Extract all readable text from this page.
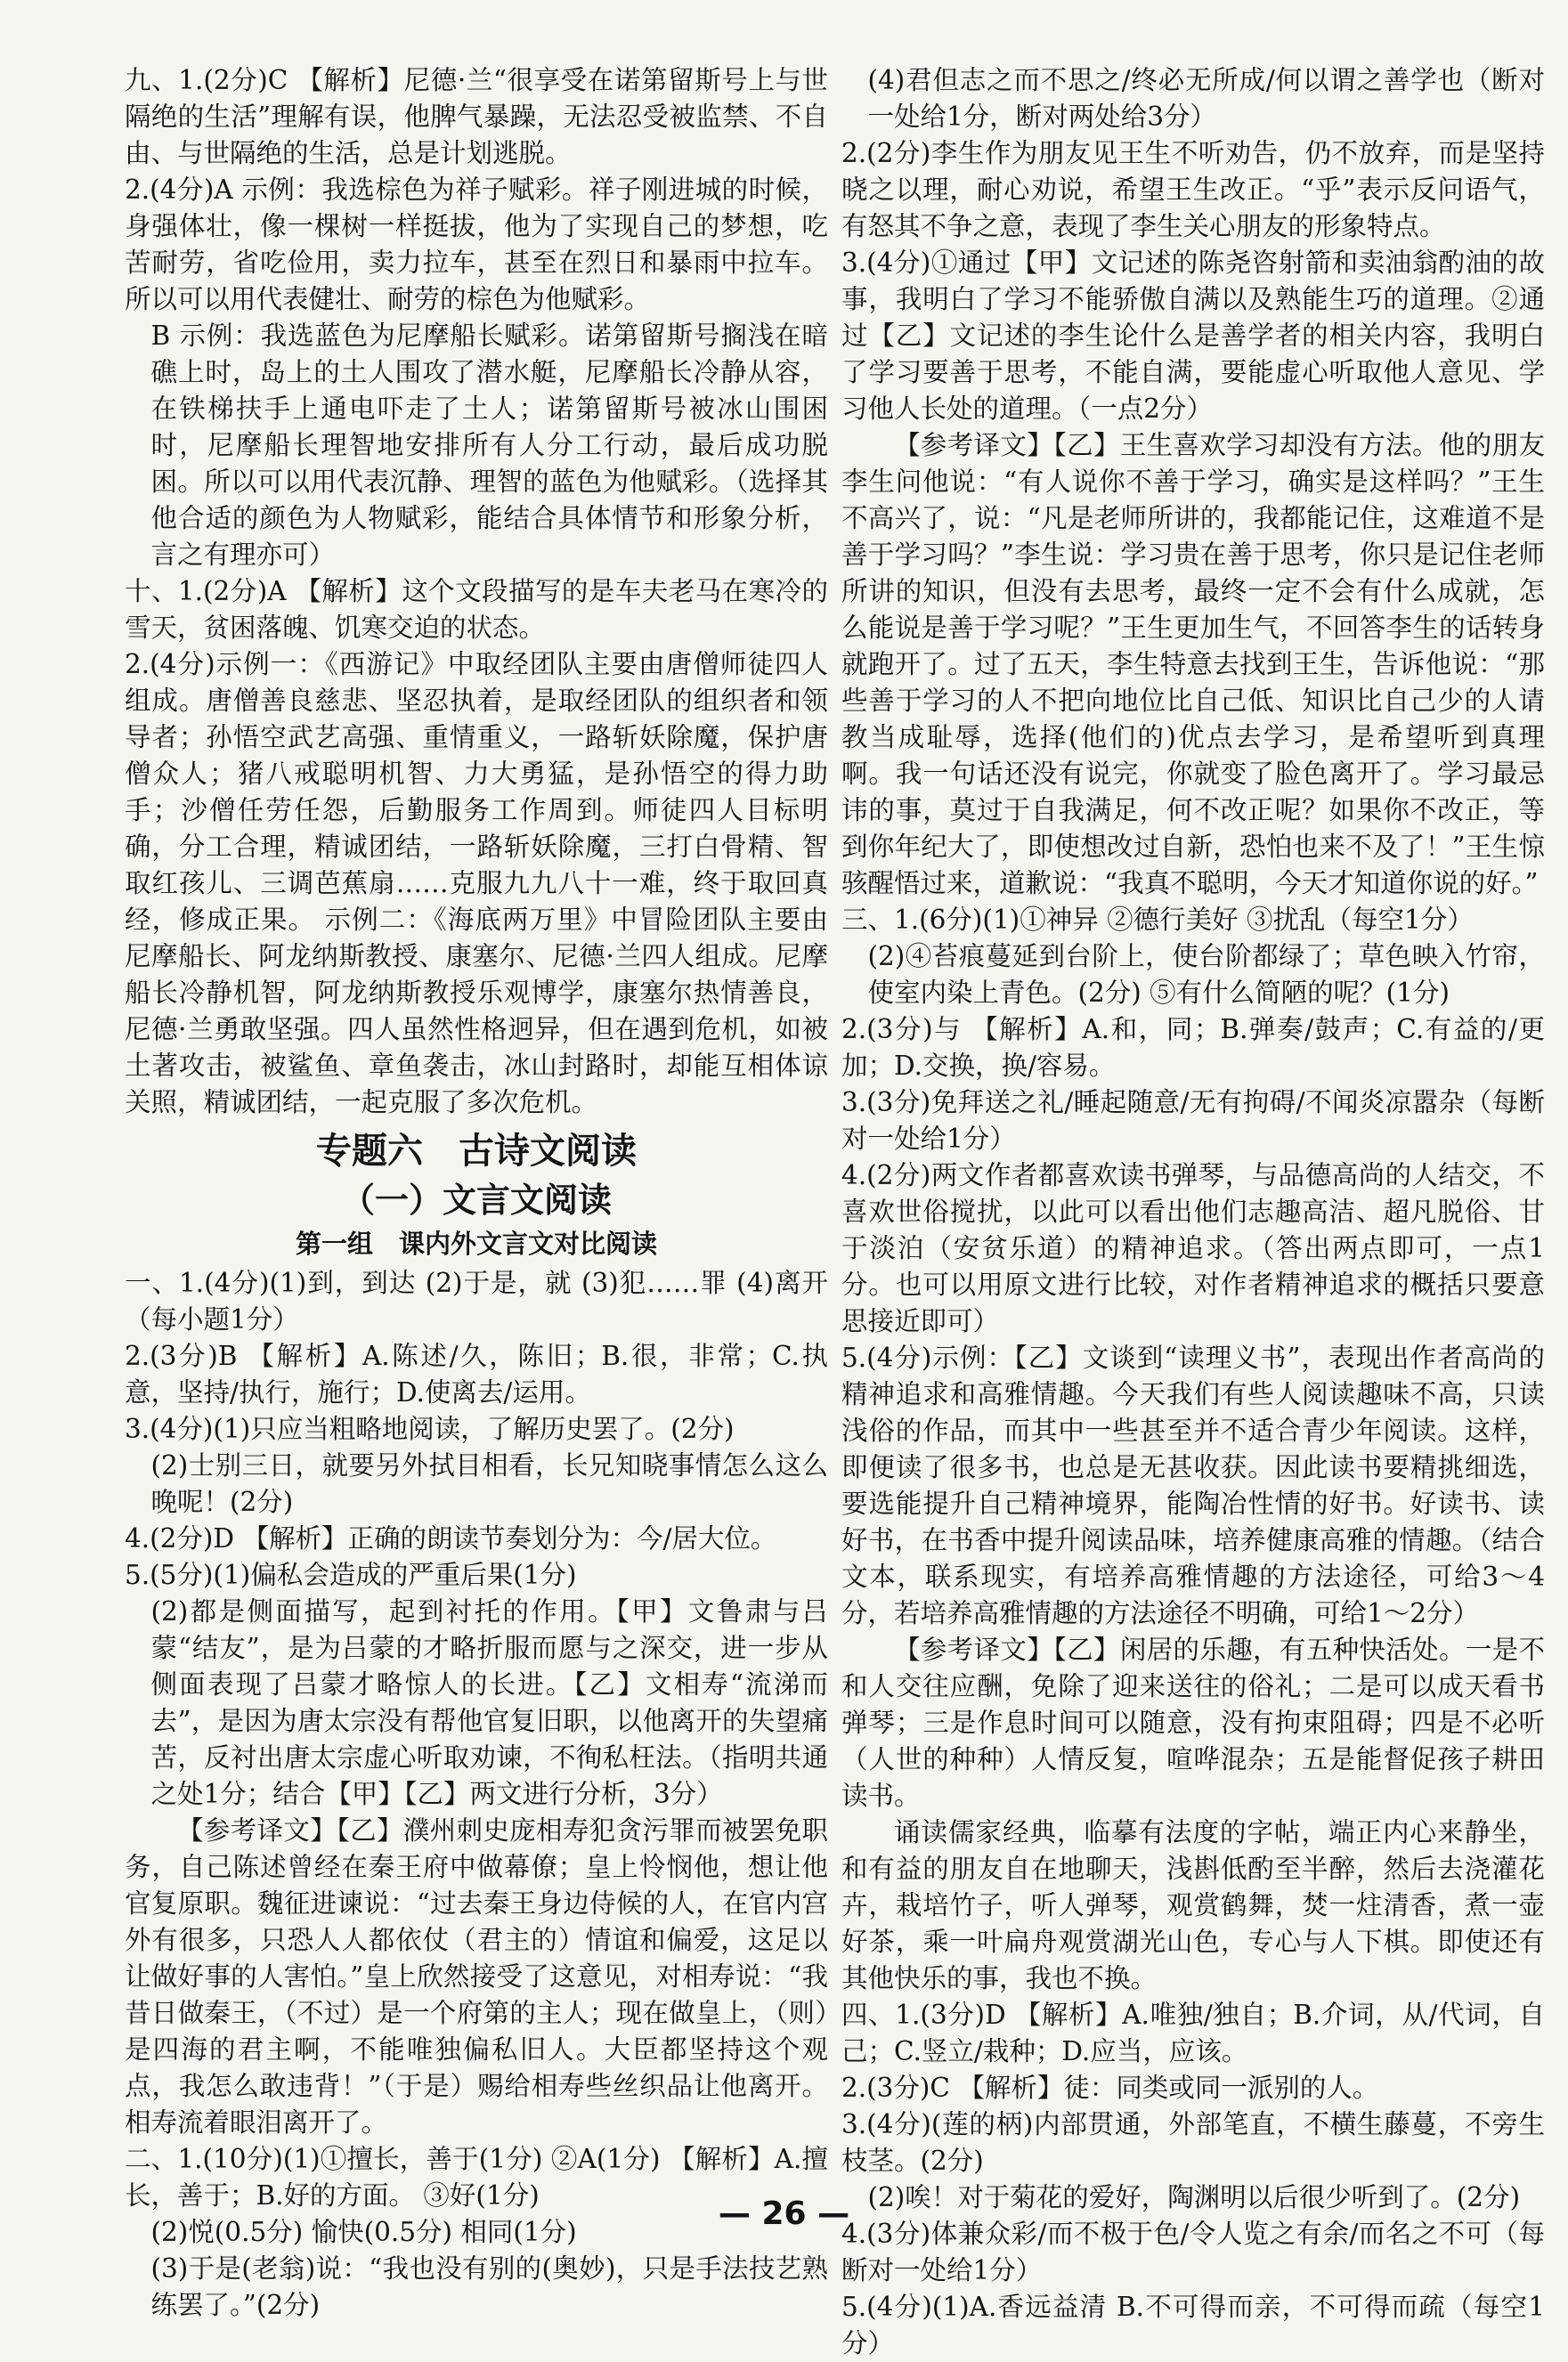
九、1.(2分)C 【解析】尼德·兰“很享受在诺第留斯号上与世隔绝的生活”理解有误，他脾气暴躁，无法忍受被监禁、不自由、与世隔绝的生活，总是计划逃脱。
2.(4分)A 示例：我选棕色为祥子赋彩。祥子刚进城的时候，身强体壮，像一棵树一样挺拔，他为了实现自己的梦想，吃苦耐劳，省吃俭用，卖力拉车，甚至在烈日和暴雨中拉车。所以可以用代表健壮、耐劳的棕色为他赋彩。
B 示例：我选蓝色为尼摩船长赋彩。诺第留斯号搁浅在暗礁上时，岛上的土人围攻了潜水艇，尼摩船长冷静从容，在铁梯扶手上通电吓走了土人；诺第留斯号被冰山围困时，尼摩船长理智地安排所有人分工行动，最后成功脱困。所以可以用代表沉静、理智的蓝色为他赋彩。（选择其他合适的颜色为人物赋彩，能结合具体情节和形象分析，言之有理亦可）
十、1.(2分)A 【解析】这个文段描写的是车夫老马在寒冷的雪天，贫困落魄、饥寒交迫的状态。
2.(4分)示例一：《西游记》中取经团队主要由唐僧师徒四人组成。唐僧善良慈悲、坚忍执着，是取经团队的组织者和领导者；孙悟空武艺高强、重情重义，一路斩妖除魔，保护唐僧众人；猪八戒聪明机智、力大勇猛，是孙悟空的得力助手；沙僧任劳任怨，后勤服务工作周到。师徒四人目标明确，分工合理，精诚团结，一路斩妖除魔，三打白骨精、智取红孩儿、三调芭蕉扇……克服九九八十一难，终于取回真经，修成正果。 示例二：《海底两万里》中冒险团队主要由尼摩船长、阿龙纳斯教授、康塞尔、尼德·兰四人组成。尼摩船长冷静机智，阿龙纳斯教授乐观博学，康塞尔热情善良，尼德·兰勇敢坚强。四人虽然性格迥异，但在遇到危机，如被土著攻击，被鲨鱼、章鱼袭击，冰山封路时，却能互相体谅关照，精诚团结，一起克服了多次危机。
专题六　古诗文阅读
（一）文言文阅读
第一组　课内外文言文对比阅读
一、1.(4分)(1)到，到达 (2)于是，就 (3)犯……罪 (4)离开（每小题1分）
2.(3分)B 【解析】A.陈述/久，陈旧；B.很，非常；C.执意，坚持/执行，施行；D.使离去/运用。
3.(4分)(1)只应当粗略地阅读，了解历史罢了。(2分)
(2)士别三日，就要另外拭目相看，长兄知晓事情怎么这么晚呢！(2分)
4.(2分)D 【解析】正确的朗读节奏划分为：今/居大位。
5.(5分)(1)偏私会造成的严重后果(1分)
(2)都是侧面描写，起到衬托的作用。【甲】文鲁肃与吕蒙“结友”，是为吕蒙的才略折服而愿与之深交，进一步从侧面表现了吕蒙才略惊人的长进。【乙】文相寿“流涕而去”，是因为唐太宗没有帮他官复旧职，以他离开的失望痛苦，反衬出唐太宗虚心听取劝谏，不徇私枉法。（指明共通之处1分；结合【甲】【乙】两文进行分析，3分）
【参考译文】【乙】濮州刺史庞相寿犯贪污罪而被罢免职务，自己陈述曾经在秦王府中做幕僚；皇上怜悯他，想让他官复原职。魏征进谏说：“过去秦王身边侍候的人，在官内宫外有很多，只恐人人都依仗（君主的）情谊和偏爱，这足以让做好事的人害怕。”皇上欣然接受了这意见，对相寿说：“我昔日做秦王，（不过）是一个府第的主人；现在做皇上，（则）是四海的君主啊，不能唯独偏私旧人。大臣都坚持这个观点，我怎么敢违背！”（于是）赐给相寿些丝织品让他离开。相寿流着眼泪离开了。
二、1.(10分)(1)①擅长，善于(1分) ②A(1分) 【解析】A.擅长，善于；B.好的方面。 ③好(1分)
(2)悦(0.5分) 愉快(0.5分) 相同(1分)
(3)于是(老翁)说：“我也没有别的(奥妙)，只是手法技艺熟练罢了。”(2分)
(4)君但志之而不思之/终必无所成/何以谓之善学也（断对一处给1分，断对两处给3分）
2.(2分)李生作为朋友见王生不听劝告，仍不放弃，而是坚持晓之以理，耐心劝说，希望王生改正。“乎”表示反问语气，有怒其不争之意，表现了李生关心朋友的形象特点。
3.(4分)①通过【甲】文记述的陈尧咨射箭和卖油翁酌油的故事，我明白了学习不能骄傲自满以及熟能生巧的道理。②通过【乙】文记述的李生论什么是善学者的相关内容，我明白了学习要善于思考，不能自满，要能虚心听取他人意见、学习他人长处的道理。（一点2分）
【参考译文】【乙】王生喜欢学习却没有方法。他的朋友李生问他说：“有人说你不善于学习，确实是这样吗？”王生不高兴了，说：“凡是老师所讲的，我都能记住，这难道不是善于学习吗？”李生说：学习贵在善于思考，你只是记住老师所讲的知识，但没有去思考，最终一定不会有什么成就，怎么能说是善于学习呢？”王生更加生气，不回答李生的话转身就跑开了。过了五天，李生特意去找到王生，告诉他说：“那些善于学习的人不把向地位比自己低、知识比自己少的人请教当成耻辱，选择(他们的)优点去学习，是希望听到真理啊。我一句话还没有说完，你就变了脸色离开了。学习最忌讳的事，莫过于自我满足，何不改正呢？如果你不改正，等到你年纪大了，即使想改过自新，恐怕也来不及了！”王生惊骇醒悟过来，道歉说：“我真不聪明，今天才知道你说的好。”
三、1.(6分)(1)①神异 ②德行美好 ③扰乱（每空1分）
(2)④苔痕蔓延到台阶上，使台阶都绿了；草色映入竹帘，使室内染上青色。(2分) ⑤有什么简陋的呢？(1分)
2.(3分)与 【解析】A.和，同；B.弹奏/鼓声；C.有益的/更加；D.交换，换/容易。
3.(3分)免拜送之礼/睡起随意/无有拘碍/不闻炎凉嚣杂（每断对一处给1分）
4.(2分)两文作者都喜欢读书弹琴，与品德高尚的人结交，不喜欢世俗搅扰，以此可以看出他们志趣高洁、超凡脱俗、甘于淡泊（安贫乐道）的精神追求。（答出两点即可，一点1分。也可以用原文进行比较，对作者精神追求的概括只要意思接近即可）
5.(4分)示例：【乙】文谈到“读理义书”，表现出作者高尚的精神追求和高雅情趣。今天我们有些人阅读趣味不高，只读浅俗的作品，而其中一些甚至并不适合青少年阅读。这样，即便读了很多书，也总是无甚收获。因此读书要精挑细选，要选能提升自己精神境界，能陶冶性情的好书。好读书、读好书，在书香中提升阅读品味，培养健康高雅的情趣。（结合文本，联系现实，有培养高雅情趣的方法途径，可给3～4分，若培养高雅情趣的方法途径不明确，可给1～2分）
【参考译文】【乙】闲居的乐趣，有五种快活处。一是不和人交往应酬，免除了迎来送往的俗礼；二是可以成天看书弹琴；三是作息时间可以随意，没有拘束阻碍；四是不必听（人世的种种）人情反复，喧哗混杂；五是能督促孩子耕田读书。
诵读儒家经典，临摹有法度的字帖，端正内心来静坐，和有益的朋友自在地聊天，浅斟低酌至半醉，然后去浇灌花卉，栽培竹子，听人弹琴，观赏鹤舞，焚一炷清香，煮一壶好茶，乘一叶扁舟观赏湖光山色，专心与人下棋。即使还有其他快乐的事，我也不换。
四、1.(3分)D 【解析】A.唯独/独自；B.介词，从/代词，自己；C.竖立/栽种；D.应当，应该。
2.(3分)C 【解析】徒：同类或同一派别的人。
3.(4分)(莲的柄)内部贯通，外部笔直，不横生藤蔓，不旁生枝茎。(2分)
(2)唉！对于菊花的爱好，陶渊明以后很少听到了。(2分)
4.(3分)体兼众彩/而不极于色/令人览之有余/而名之不可（每断对一处给1分）
5.(4分)(1)A.香远益清 B.不可得而亲，不可得而疏（每空1分）
— 26 —
